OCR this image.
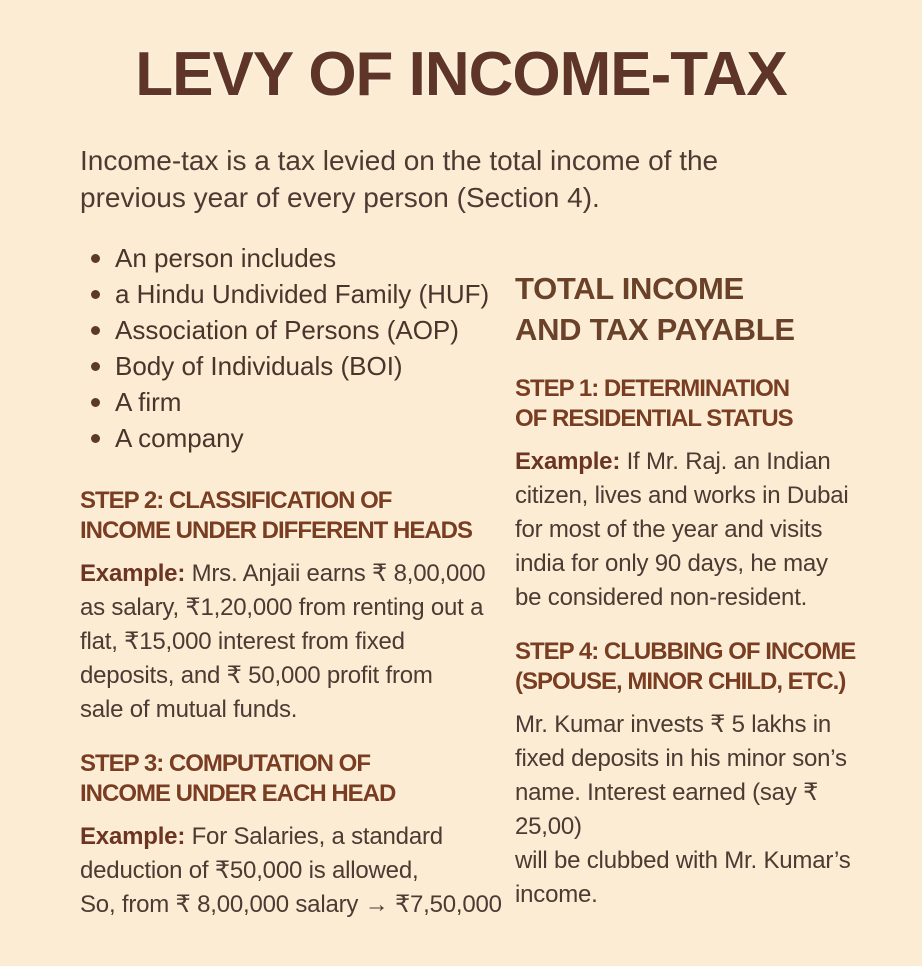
LEVY OF INCOME-TAX

Income-tax is a tax levied on the total income of the
previous year of every person (Section 4).

An person includes
a Hindu Undivided Family (HUF)
Association of Persons (AOP)
Body of Individuals (BOI)
A firm
A company
STEP 2: CLASSIFICATION OF
INCOME UNDER DIFFERENT HEADS

Example: Mrs. Anjaii earns ₹ 8,00,000
as salary, ₹1,20,000 from renting out a
flat, ₹15,000 interest from fixed
deposits, and ₹ 50,000 profit from
sale of mutual funds.

STEP 3: COMPUTATION OF
INCOME UNDER EACH HEAD

Example: For Salaries, a standard
deduction of ₹50,000 is allowed,
So, from ₹ 8,00,000 salary → ₹7,50,000

TOTAL INCOME
AND TAX PAYABLE
STEP 1: DETERMINATION
OF RESIDENTIAL STATUS

Example: If Mr. Raj. an Indian
citizen, lives and works in Dubai
for most of the year and visits
india for only 90 days, he may
be considered non-resident.

STEP 4: CLUBBING OF INCOME
(SPOUSE, MINOR CHILD, ETC.)

Mr. Kumar invests ₹ 5 lakhs in
fixed deposits in his minor son’s
name. Interest earned (say ₹ 25,00)
will be clubbed with Mr. Kumar’s
income.
